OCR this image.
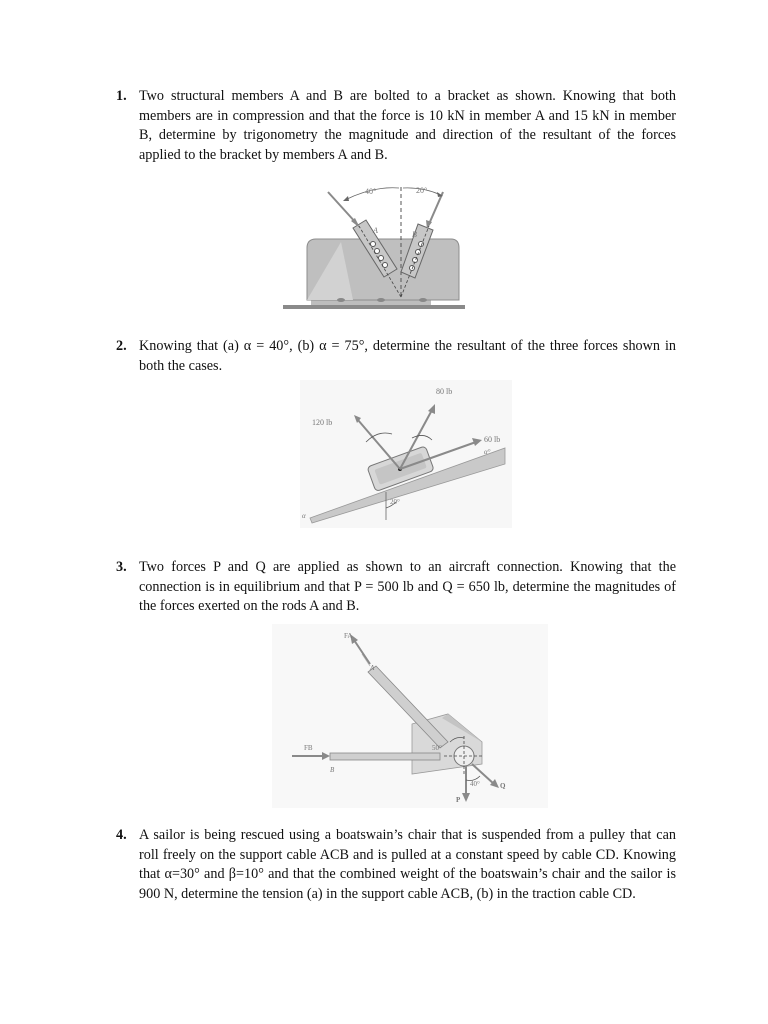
1. Two structural members A and B are bolted to a bracket as shown. Knowing that both members are in compression and that the force is 10 kN in member A and 15 kN in member B, determine by trigonometry the magnitude and direction of the resultant of the forces applied to the bracket by members A and B.
40°	20°
A	B
2. Knowing that (a) α = 40°, (b) α = 75°, determine the resultant of the three forces shown in both the cases.
120 lb
80 lb
60 lb
α°
α
20°
3. Two forces P and Q are applied as shown to an aircraft connection. Knowing that the connection is in equilibrium and that P = 500 lb and Q = 650 lb, determine the magnitudes of the forces exerted on the rods A and B.
FA
FB
A
B
50°
40°
P
Q
4. A sailor is being rescued using a boatswain’s chair that is suspended from a pulley that can roll freely on the support cable ACB and is pulled at a constant speed by cable CD. Knowing that α=30° and β=10° and that the combined weight of the boatswain’s chair and the sailor is 900 N, determine the tension (a) in the support cable ACB, (b) in the traction cable CD.
